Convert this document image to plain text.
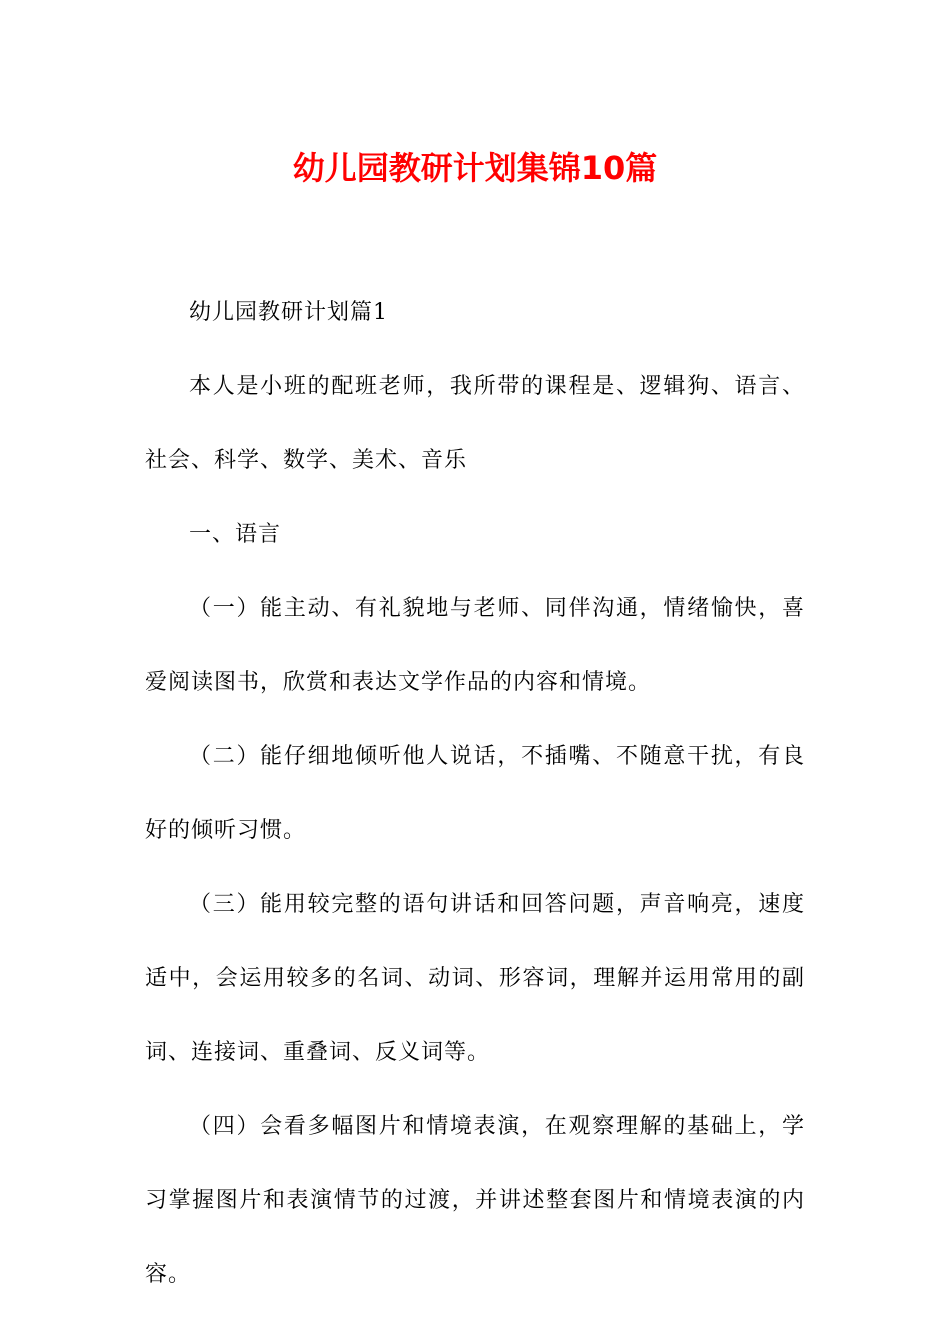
幼儿园教研计划集锦10篇

幼儿园教研计划篇1

本人是小班的配班老师，我所带的课程是、逻辑狗、语言、社会、科学、数学、美术、音乐

一、语言

（一）能主动、有礼貌地与老师、同伴沟通，情绪愉快，喜爱阅读图书，欣赏和表达文学作品的内容和情境。

（二）能仔细地倾听他人说话，不插嘴、不随意干扰，有良好的倾听习惯。

（三）能用较完整的语句讲话和回答问题，声音响亮，速度适中，会运用较多的名词、动词、形容词，理解并运用常用的副词、连接词、重叠词、反义词等。

（四）会看多幅图片和情境表演，在观察理解的基础上，学习掌握图片和表演情节的过渡，并讲述整套图片和情境表演的内容。
